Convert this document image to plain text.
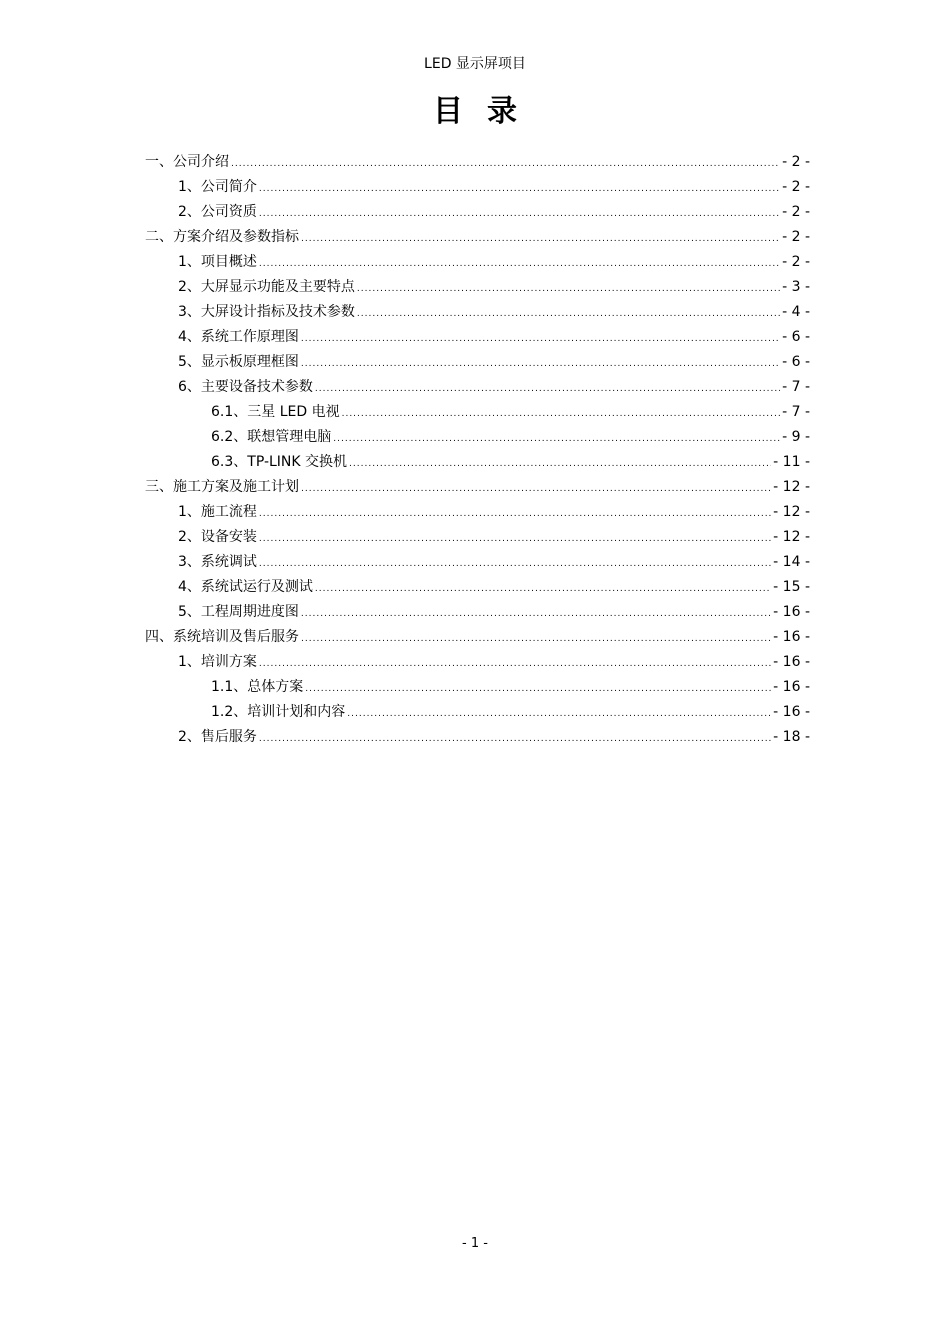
LED 显示屏项目
目录
一、公司介绍 .....	- 2 -
1、公司简介 .....	- 2 -
2、公司资质 .....	- 2 -
二、方案介绍及参数指标 .....	- 2 -
1、项目概述 .....	- 2 -
2、大屏显示功能及主要特点 .....	- 3 -
3、大屏设计指标及技术参数 .....	- 4 -
4、系统工作原理图 .....	- 6 -
5、显示板原理框图 .....	- 6 -
6、主要设备技术参数 .....	- 7 -
6.1、三星 LED 电视 .....	- 7 -
6.2、联想管理电脑 .....	- 9 -
6.3、TP-LINK 交换机 .....	- 11 -
三、施工方案及施工计划 .....	- 12 -
1、施工流程 .....	- 12 -
2、设备安装 .....	- 12 -
3、系统调试 .....	- 14 -
4、系统试运行及测试 .....	- 15 -
5、工程周期进度图 .....	- 16 -
四、系统培训及售后服务 .....	- 16 -
1、培训方案 .....	- 16 -
1.1、总体方案 .....	- 16 -
1.2、培训计划和内容 .....	- 16 -
2、售后服务 .....	- 18 -
- 1 -
